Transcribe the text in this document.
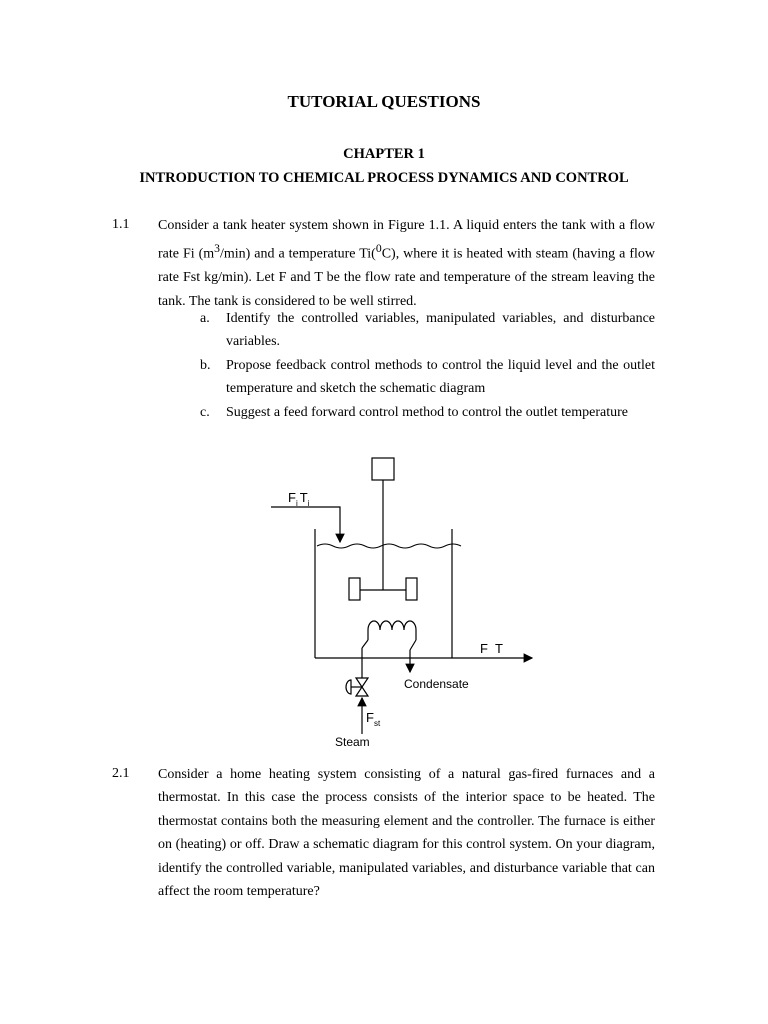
TUTORIAL QUESTIONS
CHAPTER 1
INTRODUCTION TO CHEMICAL PROCESS DYNAMICS AND CONTROL
1.1 Consider a tank heater system shown in Figure 1.1. A liquid enters the tank with a flow rate Fi $(m^3/\min)$ and a temperature Ti($^0$C), where it is heated with steam (having a flow rate Fst kg/min). Let F and T be the flow rate and temperature of the stream leaving the tank. The tank is considered to be well stirred.

a. Identify the controlled variables, manipulated variables, and disturbance variables.
b. Propose feedback control methods to control the liquid level and the outlet temperature and sketch the schematic diagram
c. Suggest a feed forward control method to control the outlet temperature
$F_i$ $T_i$
F T
Condensate
$F_{st}$
Steam
2.1 Consider a home heating system consisting of a natural gas-fired furnaces and a thermostat. In this case the process consists of the interior space to be heated. The thermostat contains both the measuring element and the controller. The furnace is either on (heating) or off. Draw a schematic diagram for this control system. On your diagram, identify the controlled variable, manipulated variables, and disturbance variable that can affect the room temperature?
